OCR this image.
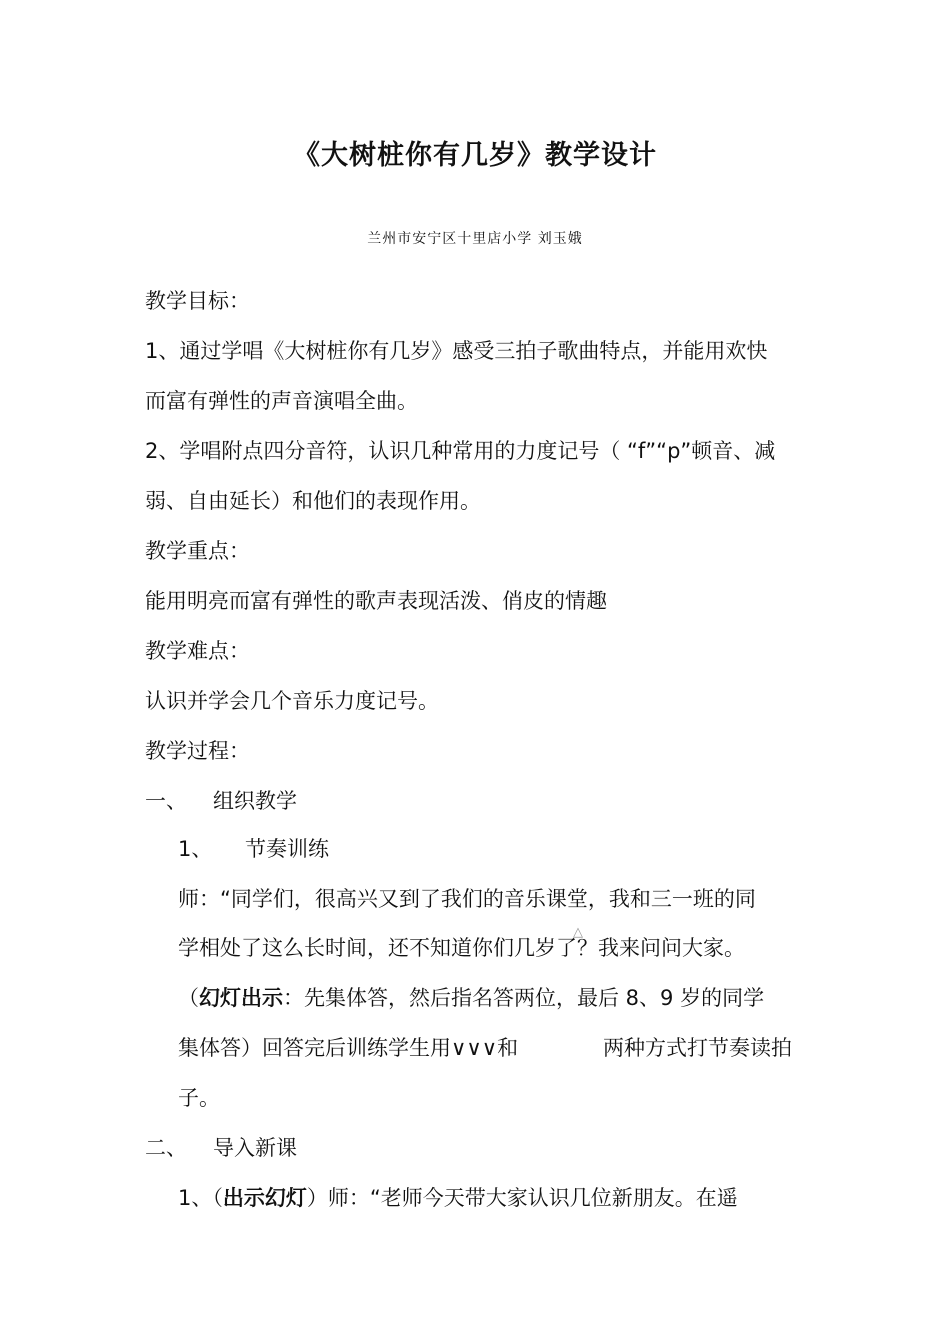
《大树桩你有几岁》教学设计
兰州市安宁区十里店小学 刘玉娥
教学目标：
1、通过学唱《大树桩你有几岁》感受三拍子歌曲特点，并能用欢快
而富有弹性的声音演唱全曲。
2、学唱附点四分音符，认识几种常用的力度记号（ “f”“p”顿音、减
弱、自由延长）和他们的表现作用。
教学重点：
能用明亮而富有弹性的歌声表现活泼、俏皮的情趣
教学难点：
认识并学会几个音乐力度记号。
教学过程：
一、 组织教学
1、 节奏训练
师：“同学们，很高兴又到了我们的音乐课堂，我和三一班的同
学相处了这么长时间，还不知道你们几岁了？我来问问大家。
△
（幻灯出示：先集体答，然后指名答两位，最后 8、9 岁的同学
集体答）回答完后训练学生用∨∨∨和	两种方式打节奏读拍
子。
二、 导入新课
1、（出示幻灯）师：“老师今天带大家认识几位新朋友。在遥
